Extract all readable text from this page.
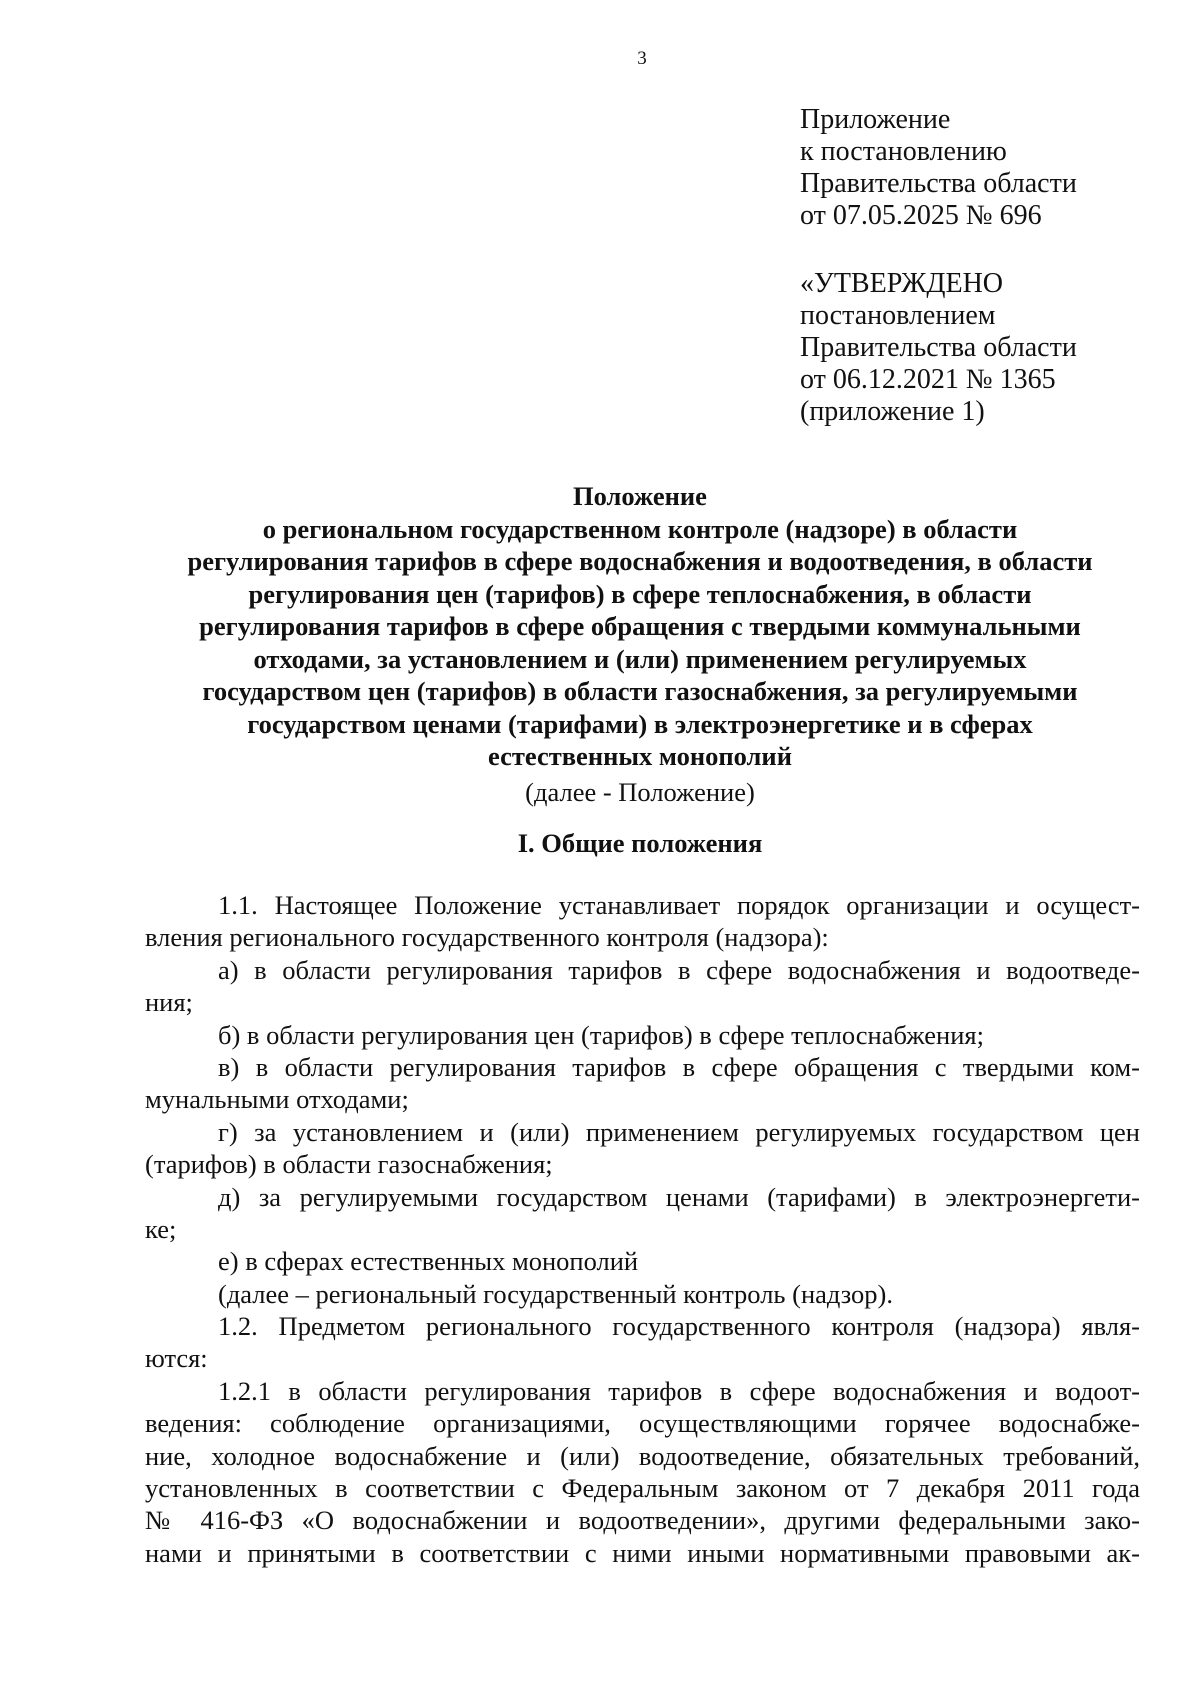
3
Приложение
к постановлению
Правительства области
от 07.05.2025 № 696
«УТВЕРЖДЕНО
постановлением
Правительства области
от 06.12.2021 № 1365
(приложение 1)
Положение
о региональном государственном контроле (надзоре) в области
регулирования тарифов в сфере водоснабжения и водоотведения, в области
регулирования цен (тарифов) в сфере теплоснабжения, в области
регулирования тарифов в сфере обращения с твердыми коммунальными
отходами, за установлением и (или) применением регулируемых
государством цен (тарифов) в области газоснабжения, за регулируемыми
государством ценами (тарифами) в электроэнергетике и в сферах
естественных монополий
(далее - Положение)
I. Общие положения
1.1. Настоящее Положение устанавливает порядок организации и осущест-
вления регионального государственного контроля (надзора):
а) в области регулирования тарифов в сфере водоснабжения и водоотведе-
ния;
б) в области регулирования цен (тарифов) в сфере теплоснабжения;
в) в области регулирования тарифов в сфере обращения с твердыми ком-
мунальными отходами;
г) за установлением и (или) применением регулируемых государством цен
(тарифов) в области газоснабжения;
д) за регулируемыми государством ценами (тарифами) в электроэнергети-
ке;
е) в сферах естественных монополий
(далее – региональный государственный контроль (надзор).
1.2. Предметом регионального государственного контроля (надзора) явля-
ются:
1.2.1 в области регулирования тарифов в сфере водоснабжения и водоот-
ведения: соблюдение организациями, осуществляющими горячее водоснабже-
ние, холодное водоснабжение и (или) водоотведение, обязательных требований,
установленных в соответствии с Федеральным законом от 7 декабря 2011 года
№ 416-ФЗ «О водоснабжении и водоотведении», другими федеральными зако-
нами и принятыми в соответствии с ними иными нормативными правовыми ак-
